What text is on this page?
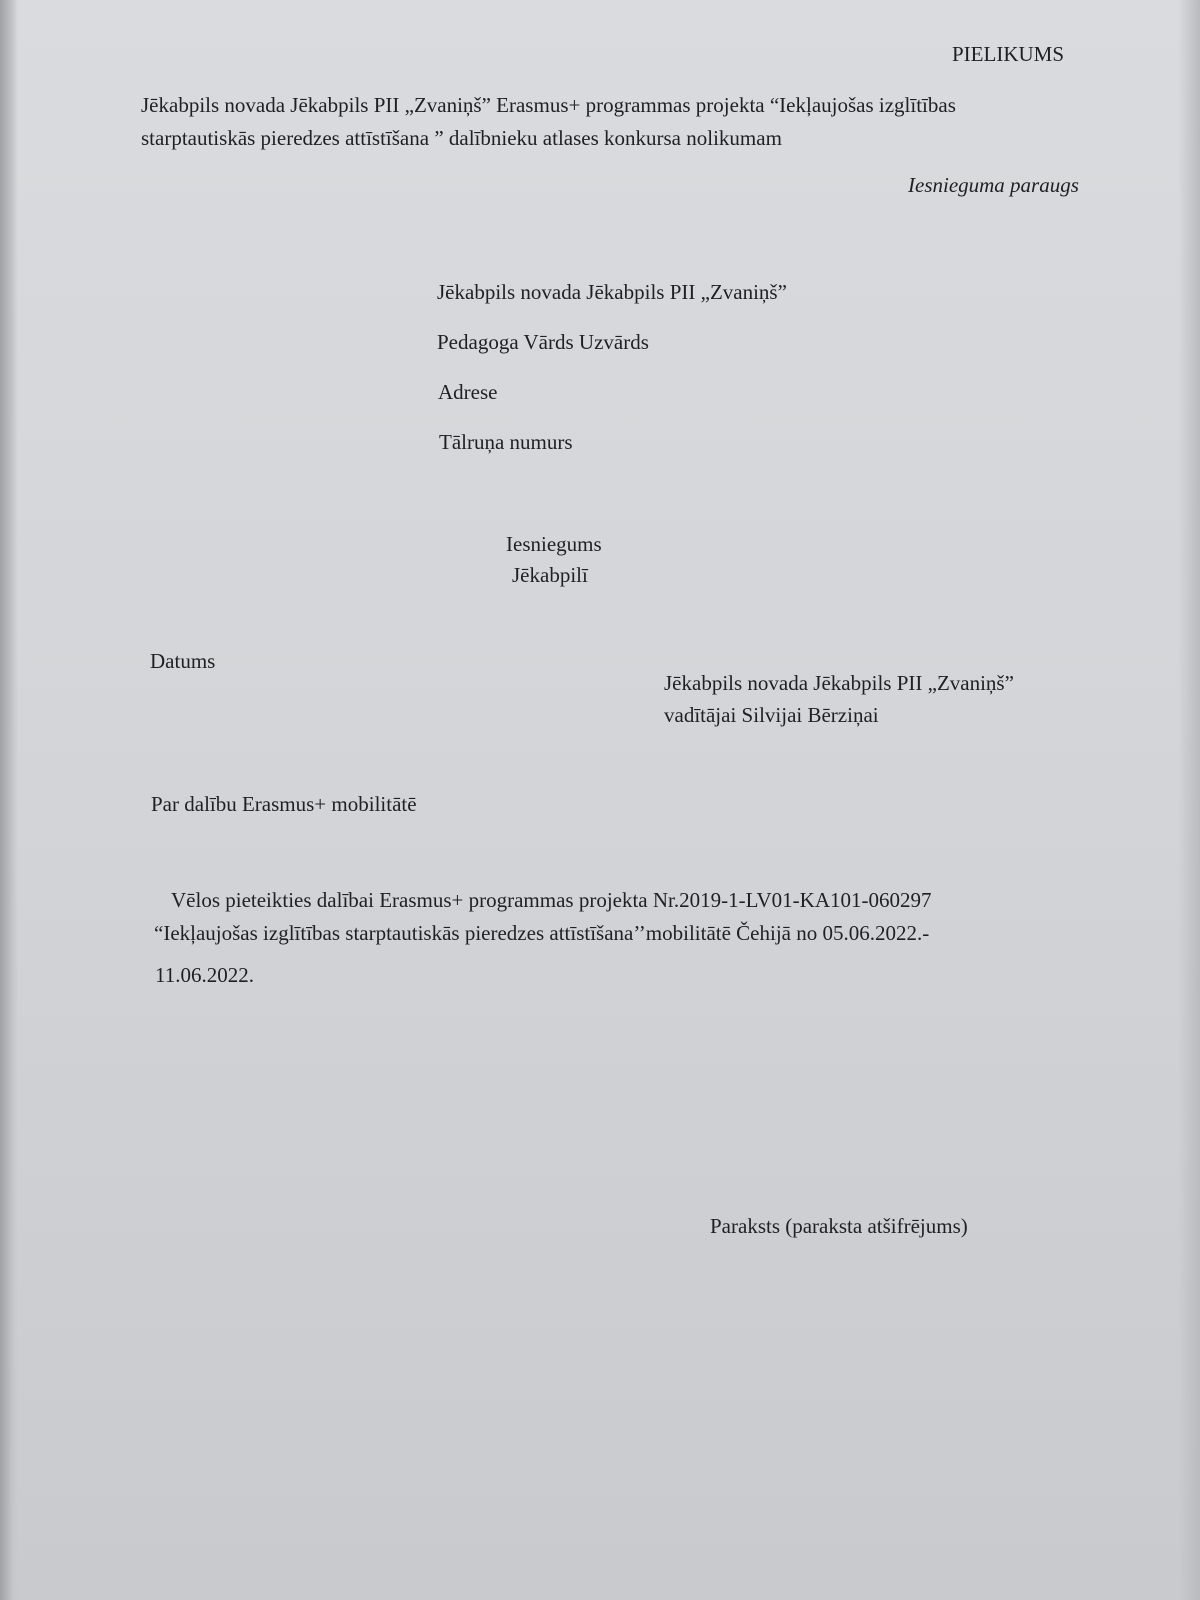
PIELIKUMS

Jēkabpils novada Jēkabpils PII „Zvaniņš” Erasmus+ programmas projekta “Iekļaujošas izglītības

starptautiskās pieredzes attīstīšana ” dalībnieku atlases konkursa nolikumam

Iesnieguma paraugs

Jēkabpils novada Jēkabpils PII „Zvaniņš”

Pedagoga Vārds Uzvārds

Adrese

Tālruņa numurs

Iesniegums

Jēkabpilī

Datums

Jēkabpils novada Jēkabpils PII „Zvaniņš”

vadītājai Silvijai Bērziņai

Par dalību Erasmus+ mobilitātē

Vēlos pieteikties dalībai Erasmus+ programmas projekta Nr.2019-1-LV01-KA101-060297

“Iekļaujošas izglītības starptautiskās pieredzes attīstīšana’’mobilitātē Čehijā no 05.06.2022.-

11.06.2022.

Paraksts (paraksta atšifrējums)
